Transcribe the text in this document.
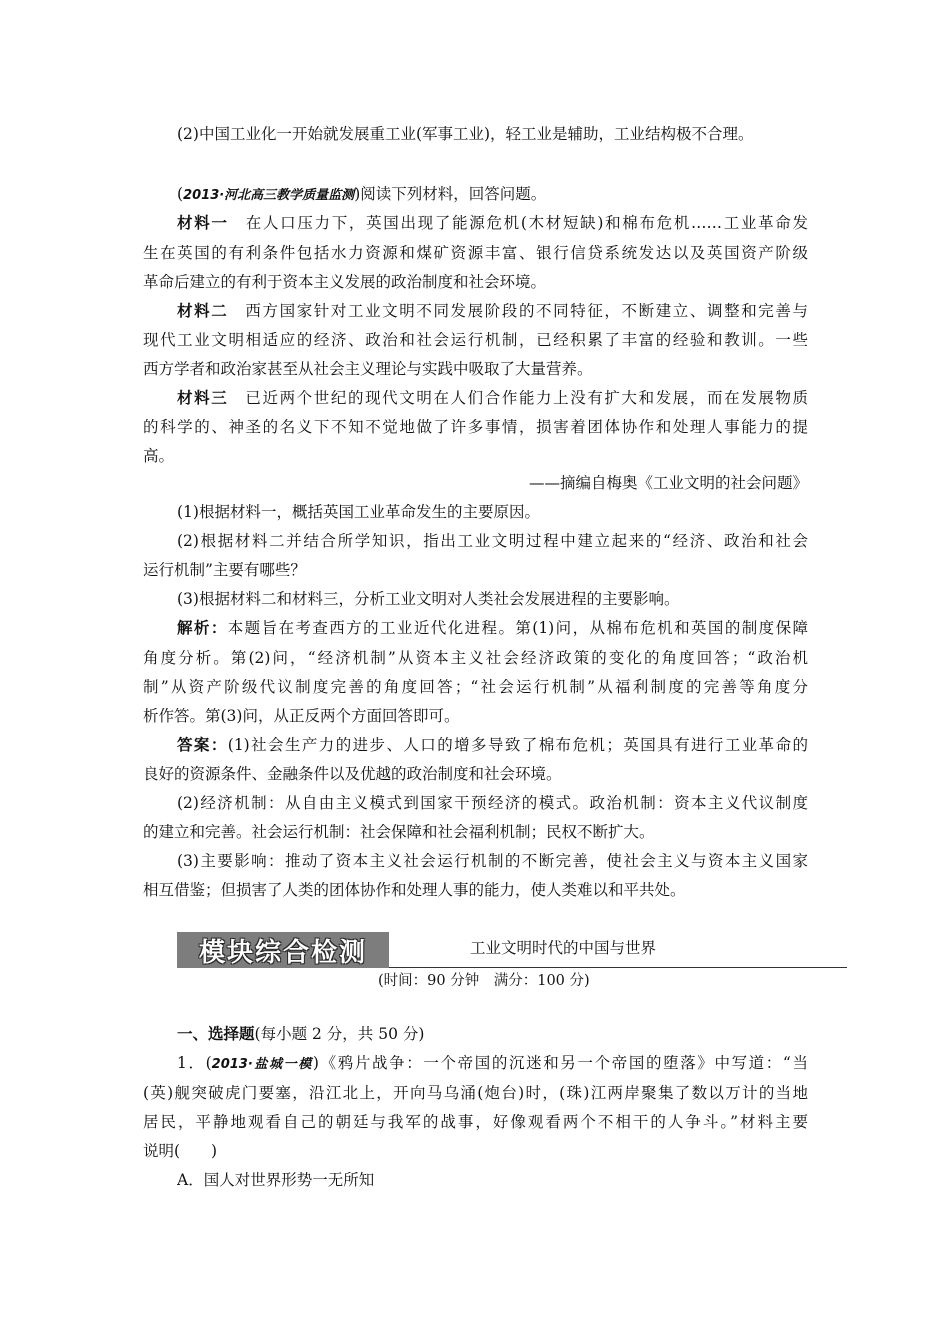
(2)中国工业化一开始就发展重工业(军事工业)，轻工业是辅助，工业结构极不合理。
(2013·河北高三教学质量监测)阅读下列材料，回答问题。
材料一　 在人口压力下，英国出现了能源危机(木材短缺)和棉布危机……工业革命发
生在英国的有利条件包括水力资源和煤矿资源丰富、银行信贷系统发达以及英国资产阶级
革命后建立的有利于资本主义发展的政治制度和社会环境。
材料二　 西方国家针对工业文明不同发展阶段的不同特征，不断建立、调整和完善与
现代工业文明相适应的经济、政治和社会运行机制，已经积累了丰富的经验和教训。一些
西方学者和政治家甚至从社会主义理论与实践中吸取了大量营养。
材料三　 已近两个世纪的现代文明在人们合作能力上没有扩大和发展，而在发展物质
的科学的、神圣的名义下不知不觉地做了许多事情，损害着团体协作和处理人事能力的提
高。
——摘编自梅奥《工业文明的社会问题》
(1)根据材料一，概括英国工业革命发生的主要原因。
(2)根据材料二并结合所学知识，指出工业文明过程中建立起来的“经济、政治和社会
运行机制”主要有哪些？
(3)根据材料二和材料三，分析工业文明对人类社会发展进程的主要影响。
解析：本题旨在考查西方的工业近代化进程。第(1)问，从棉布危机和英国的制度保障
角度分析。第(2)问，“经济机制”从资本主义社会经济政策的变化的角度回答；“政治机
制”从资产阶级代议制度完善的角度回答；“社会运行机制”从福利制度的完善等角度分
析作答。第(3)问，从正反两个方面回答即可。
答案：(1)社会生产力的进步、人口的增多导致了棉布危机；英国具有进行工业革命的
良好的资源条件、金融条件以及优越的政治制度和社会环境。
(2)经济机制：从自由主义模式到国家干预经济的模式。政治机制：资本主义代议制度
的建立和完善。社会运行机制：社会保障和社会福利机制；民权不断扩大。
(3)主要影响：推动了资本主义社会运行机制的不断完善，使社会主义与资本主义国家
相互借鉴；但损害了人类的团体协作和处理人事的能力，使人类难以和平共处。
模块综合检测	工业文明时代的中国与世界
(时间：90 分钟　满分：100 分)
一、选择题(每小题 2 分，共 50 分)
1．(2013·盐城一模)《鸦片战争：一个帝国的沉迷和另一个帝国的堕落》中写道：“当
(英)舰突破虎门要塞，沿江北上，开向马乌涌(炮台)时，(珠)江两岸聚集了数以万计的当地
居民，平静地观看自己的朝廷与我军的战事，好像观看两个不相干的人争斗。”材料主要
说明(　　)
A．国人对世界形势一无所知
